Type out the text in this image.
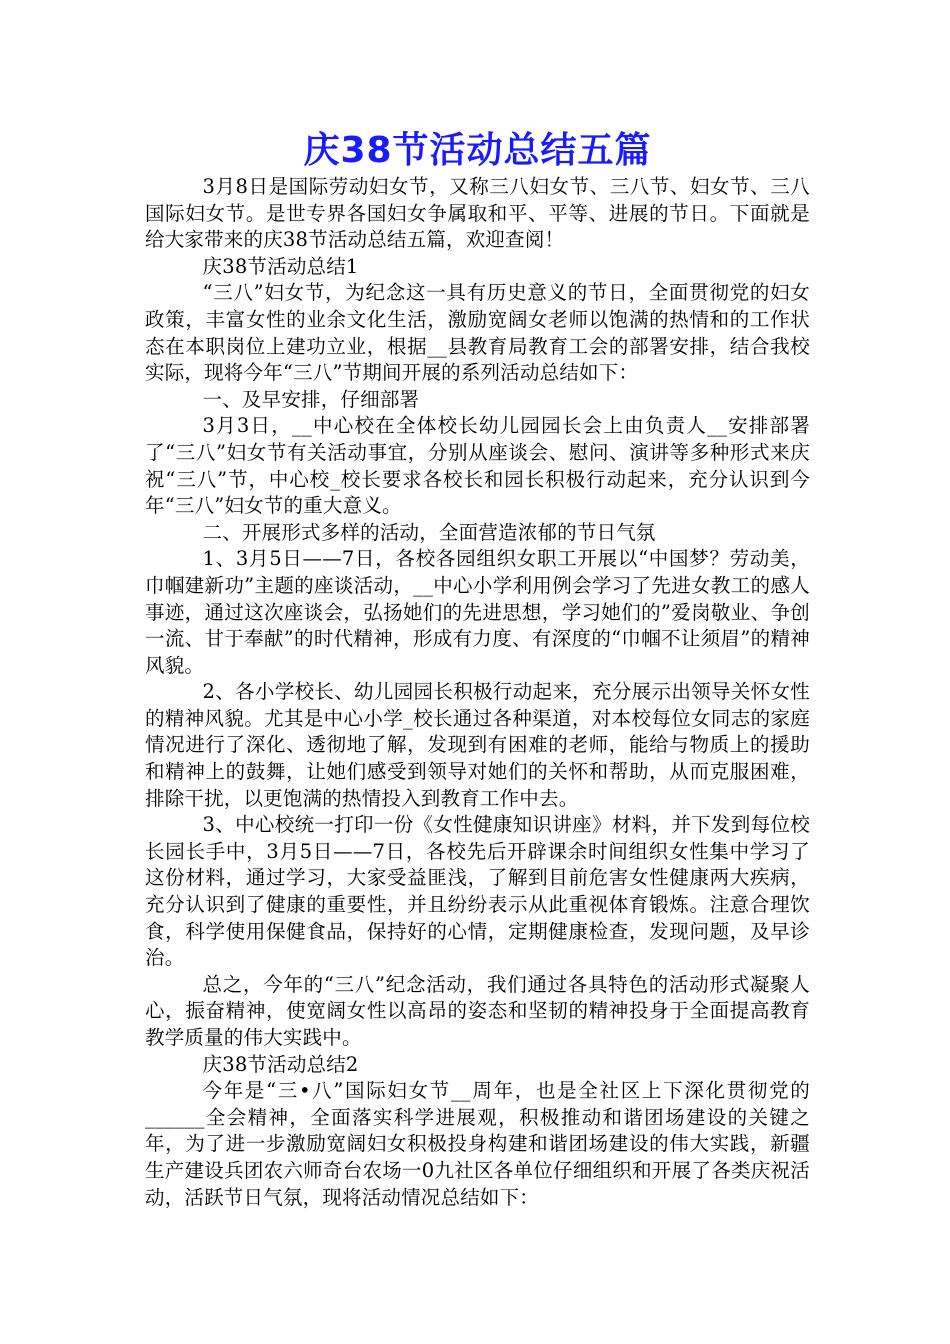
庆38节活动总结五篇

3月8日是国际劳动妇女节，又称三八妇女节、三八节、妇女节、三八国际妇女节。是世专界各国妇女争属取和平、平等、进展的节日。下面就是给大家带来的庆38节活动总结五篇，欢迎查阅！

庆38节活动总结1

“三八”妇女节，为纪念这一具有历史意义的节日，全面贯彻党的妇女政策，丰富女性的业余文化生活，激励宽阔女老师以饱满的热情和的工作状态在本职岗位上建功立业，根据__县教育局教育工会的部署安排，结合我校实际，现将今年“三八”节期间开展的系列活动总结如下：

一、及早安排，仔细部署

3月3日，__中心校在全体校长幼儿园园长会上由负责人__安排部署了“三八”妇女节有关活动事宜，分别从座谈会、慰问、演讲等多种形式来庆祝“三八”节，中心校_校长要求各校长和园长积极行动起来，充分认识到今年“三八”妇女节的重大意义。

二、开展形式多样的活动，全面营造浓郁的节日气氛

1、3月5日——7日，各校各园组织女职工开展以“中国梦？劳动美，巾帼建新功”主题的座谈活动，__中心小学利用例会学习了先进女教工的感人事迹，通过这次座谈会，弘扬她们的先进思想，学习她们的”爱岗敬业、争创一流、甘于奉献”的时代精神，形成有力度、有深度的“巾帼不让须眉”的精神风貌。

2、各小学校长、幼儿园园长积极行动起来，充分展示出领导关怀女性的精神风貌。尤其是中心小学_校长通过各种渠道，对本校每位女同志的家庭情况进行了深化、透彻地了解，发现到有困难的老师，能给与物质上的援助和精神上的鼓舞，让她们感受到领导对她们的关怀和帮助，从而克服困难，排除干扰，以更饱满的热情投入到教育工作中去。

3、中心校统一打印一份《女性健康知识讲座》材料，并下发到每位校长园长手中，3月5日——7日，各校先后开辟课余时间组织女性集中学习了这份材料，通过学习，大家受益匪浅，了解到目前危害女性健康两大疾病，充分认识到了健康的重要性，并且纷纷表示从此重视体育锻炼。注意合理饮食，科学使用保健食品，保持好的心情，定期健康检查，发现问题，及早诊治。

总之，今年的“三八”纪念活动，我们通过各具特色的活动形式凝聚人心，振奋精神，使宽阔女性以高昂的姿态和坚韧的精神投身于全面提高教育教学质量的伟大实践中。

庆38节活动总结2

今年是“三•八”国际妇女节__周年，也是全社区上下深化贯彻党的______全会精神，全面落实科学进展观，积极推动和谐团场建设的关键之年，为了进一步激励宽阔妇女积极投身构建和谐团场建设的伟大实践，新疆生产建设兵团农六师奇台农场一0九社区各单位仔细组织和开展了各类庆祝活动，活跃节日气氛，现将活动情况总结如下：
